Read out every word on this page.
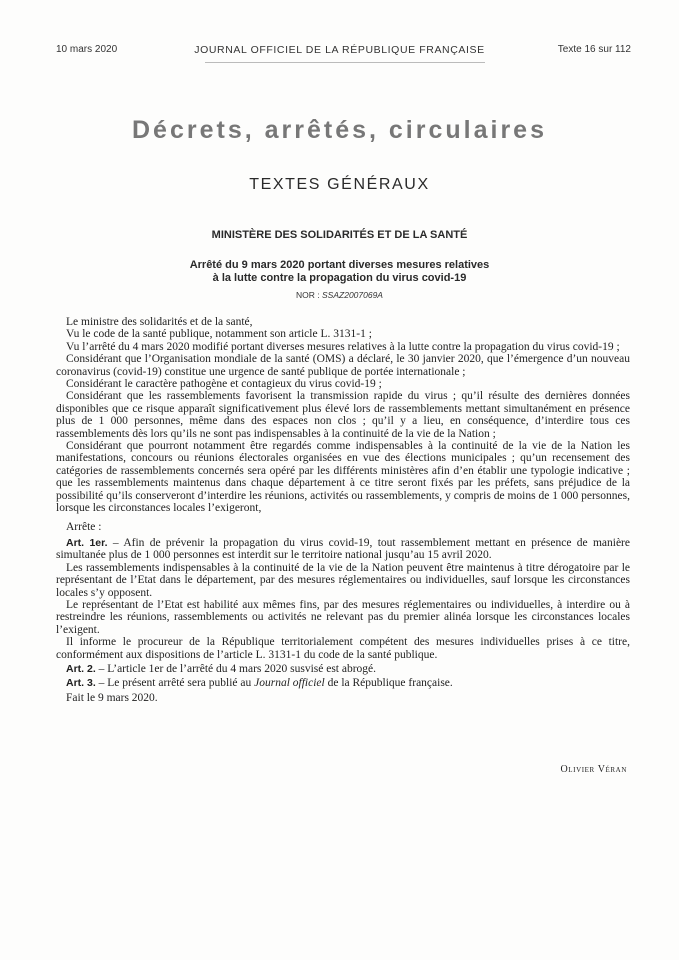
10 mars 2020	JOURNAL OFFICIEL DE LA RÉPUBLIQUE FRANÇAISE	Texte 16 sur 112
Décrets, arrêtés, circulaires
TEXTES GÉNÉRAUX
MINISTÈRE DES SOLIDARITÉS ET DE LA SANTÉ
Arrêté du 9 mars 2020 portant diverses mesures relatives
à la lutte contre la propagation du virus covid-19
NOR : SSAZ2007069A

Le ministre des solidarités et de la santé,

Vu le code de la santé publique, notamment son article L. 3131-1 ;

Vu l’arrêté du 4 mars 2020 modifié portant diverses mesures relatives à la lutte contre la propagation du virus covid-19 ;

Considérant que l’Organisation mondiale de la santé (OMS) a déclaré, le 30 janvier 2020, que l’émergence d’un nouveau coronavirus (covid-19) constitue une urgence de santé publique de portée internationale ;

Considérant le caractère pathogène et contagieux du virus covid-19 ;

Considérant que les rassemblements favorisent la transmission rapide du virus ; qu’il résulte des dernières données disponibles que ce risque apparaît significativement plus élevé lors de rassemblements mettant simultanément en présence plus de 1 000 personnes, même dans des espaces non clos ; qu’il y a lieu, en conséquence, d’interdire tous ces rassemblements dès lors qu’ils ne sont pas indispensables à la continuité de la vie de la Nation ;

Considérant que pourront notamment être regardés comme indispensables à la continuité de la vie de la Nation les manifestations, concours ou réunions électorales organisées en vue des élections municipales ; qu’un recensement des catégories de rassemblements concernés sera opéré par les différents ministères afin d’en établir une typologie indicative ; que les rassemblements maintenus dans chaque département à ce titre seront fixés par les préfets, sans préjudice de la possibilité qu’ils conserveront d’interdire les réunions, activités ou rassemblements, y compris de moins de 1 000 personnes, lorsque les circonstances locales l’exigeront,

Arrête :

Art. 1er. – Afin de prévenir la propagation du virus covid-19, tout rassemblement mettant en présence de manière simultanée plus de 1 000 personnes est interdit sur le territoire national jusqu’au 15 avril 2020.

Les rassemblements indispensables à la continuité de la vie de la Nation peuvent être maintenus à titre dérogatoire par le représentant de l’Etat dans le département, par des mesures réglementaires ou individuelles, sauf lorsque les circonstances locales s’y opposent.

Le représentant de l’Etat est habilité aux mêmes fins, par des mesures réglementaires ou individuelles, à interdire ou à restreindre les réunions, rassemblements ou activités ne relevant pas du premier alinéa lorsque les circonstances locales l’exigent.

Il informe le procureur de la République territorialement compétent des mesures individuelles prises à ce titre, conformément aux dispositions de l’article L. 3131-1 du code de la santé publique.

Art. 2. – L’article 1er de l’arrêté du 4 mars 2020 susvisé est abrogé.

Art. 3. – Le présent arrêté sera publié au Journal officiel de la République française.

Fait le 9 mars 2020.

Olivier Véran
